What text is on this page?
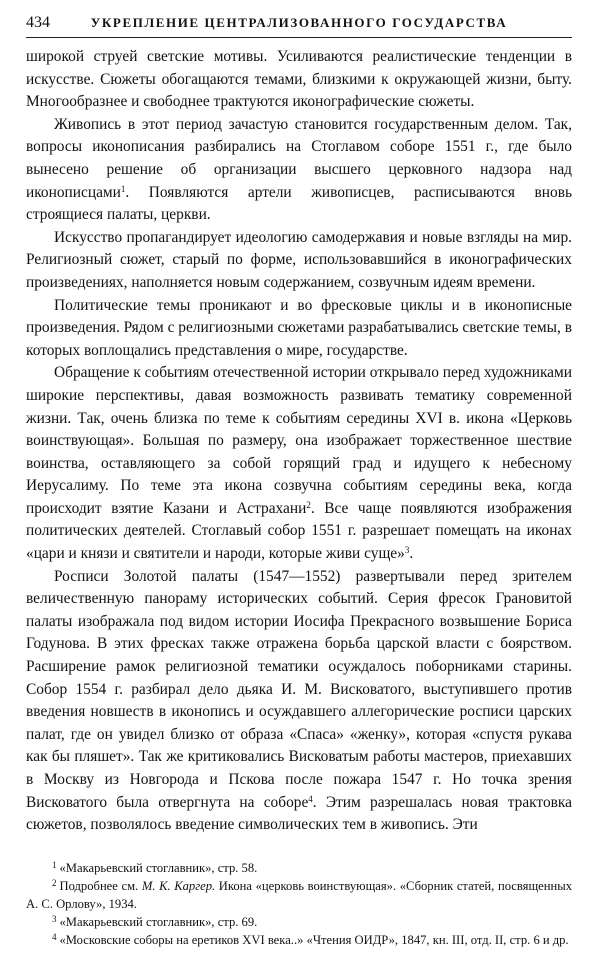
434	УКРЕПЛЕНИЕ ЦЕНТРАЛИЗОВАННОГО ГОСУДАРСТВА

широкой струей светские мотивы. Усиливаются реалистические тенденции в искусстве. Сюжеты обогащаются темами, близкими к окружающей жизни, быту. Многообразнее и свободнее трактуются иконографические сюжеты.

Живопись в этот период зачастую становится государственным делом. Так, вопросы иконописания разбирались на Стоглавом соборе 1551 г., где было вынесено решение об организации высшего церковного надзора над иконописцами$^1$. Появляются артели живописцев, расписываются вновь строящиеся палаты, церкви.

Искусство пропагандирует идеологию самодержавия и новые взгляды на мир. Религиозный сюжет, старый по форме, использовавшийся в иконографических произведениях, наполняется новым содержанием, созвучным идеям времени.

Политические темы проникают и во фресковые циклы и в иконописные произведения. Рядом с религиозными сюжетами разрабатывались светские темы, в которых воплощались представления о мире, государстве.

Обращение к событиям отечественной истории открывало перед художниками широкие перспективы, давая возможность развивать тематику современной жизни. Так, очень близка по теме к событиям середины XVI в. икона «Церковь воинствующая». Большая по размеру, она изображает торжественное шествие воинства, оставляющего за собой горящий град и идущего к небесному Иерусалиму. По теме эта икона созвучна событиям середины века, когда происходит взятие Казани и Астрахани$^2$. Все чаще появляются изображения политических деятелей. Стоглавый собор 1551 г. разрешает помещать на иконах «цари и князи и святители и народи, которые живи суще»$^3$.

Росписи Золотой палаты (1547—1552) развертывали перед зрителем величественную панораму исторических событий. Серия фресок Грановитой палаты изображала под видом истории Иосифа Прекрасного возвышение Бориса Годунова. В этих фресках также отражена борьба царской власти с боярством. Расширение рамок религиозной тематики осуждалось поборниками старины. Собор 1554 г. разбирал дело дьяка И. М. Висковатого, выступившего против введения новшеств в иконопись и осуждавшего аллегорические росписи царских палат, где он увидел близко от образа «Спаса» «женку», которая «спустя рукава как бы пляшет». Так же критиковались Висковатым работы мастеров, приехавших в Москву из Новгорода и Пскова после пожара 1547 г. Но точка зрения Висковатого была отвергнута на соборе$^4$. Этим разрешалась новая трактовка сюжетов, позволялось введение символических тем в живопись. Эти

$^1$ «Макарьевский стоглавник», стр. 58.

$^2$ Подробнее см. М. К. Каргер. Икона «церковь воинствующая». «Сборник статей, посвященных А. С. Орлову», 1934.

$^3$ «Макарьевский стоглавник», стр. 69.

$^4$ «Московские соборы на еретиков XVI века..» «Чтения ОИДР», 1847, кн. III, отд. II, стр. 6 и др.
